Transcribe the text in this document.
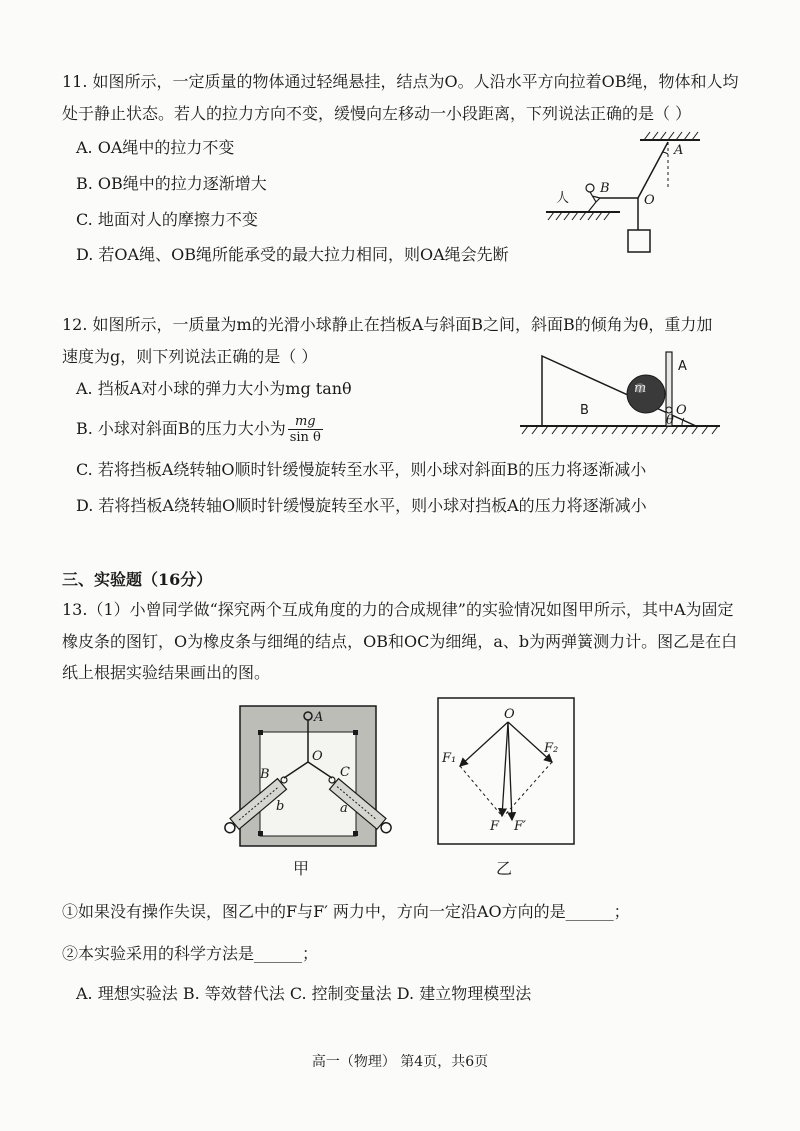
11. 如图所示，一定质量的物体通过轻绳悬挂，结点为O。人沿水平方向拉着OB绳，物体和人均
处于静止状态。若人的拉力方向不变，缓慢向左移动一小段距离，下列说法正确的是（ ）
A. OA绳中的拉力不变
B. OB绳中的拉力逐渐增大
C. 地面对人的摩擦力不变
D. 若OA绳、OB绳所能承受的最大拉力相同，则OA绳会先断
人
B
O
A
12. 如图所示，一质量为m的光滑小球静止在挡板A与斜面B之间，斜面B的倾角为θ，重力加
速度为g，则下列说法正确的是（ ）
A. 挡板A对小球的弹力大小为mg tanθ
B. 小球对斜面B的压力大小为 $\frac{mg}{\text{sin θ}}$
C. 若将挡板A绕转轴O顺时针缓慢旋转至水平，则小球对斜面B的压力将逐渐减小
D. 若将挡板A绕转轴O顺时针缓慢旋转至水平，则小球对挡板A的压力将逐渐减小
m
B
A
O
θ
三、实验题（16分）
13.（1）小曾同学做“探究两个互成角度的力的合成规律”的实验情况如图甲所示，其中A为固定
橡皮条的图钉，O为橡皮条与细绳的结点，OB和OC为细绳，a、b为两弹簧测力计。图乙是在白
纸上根据实验结果画出的图。
A
O
B	C
b	a
甲
O
F₁
F₂
F F′
乙
①如果没有操作失误，图乙中的F与F′ 两力中，方向一定沿AO方向的是______；
②本实验采用的科学方法是______；
A. 理想实验法 B. 等效替代法 C. 控制变量法 D. 建立物理模型法
高一（物理） 第4页，共6页
